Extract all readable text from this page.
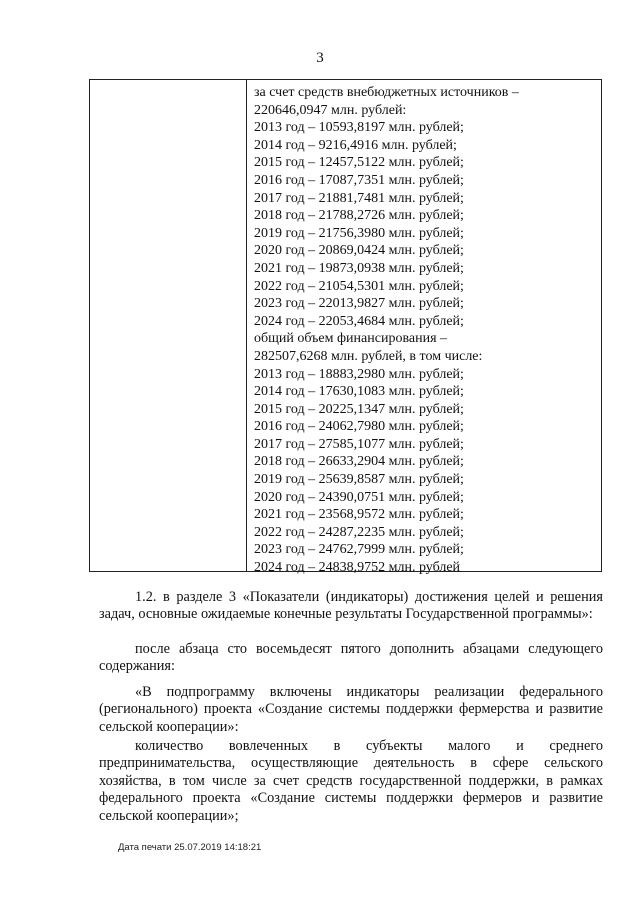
3
за счет средств внебюджетных источников –
220646,0947 млн. рублей:
2013 год – 10593,8197 млн. рублей;
2014 год – 9216,4916 млн. рублей;
2015 год – 12457,5122 млн. рублей;
2016 год – 17087,7351 млн. рублей;
2017 год – 21881,7481 млн. рублей;
2018 год – 21788,2726 млн. рублей;
2019 год – 21756,3980 млн. рублей;
2020 год – 20869,0424 млн. рублей;
2021 год – 19873,0938 млн. рублей;
2022 год – 21054,5301 млн. рублей;
2023 год – 22013,9827 млн. рублей;
2024 год – 22053,4684 млн. рублей;
общий объем финансирования –
282507,6268 млн. рублей, в том числе:
2013 год – 18883,2980 млн. рублей;
2014 год – 17630,1083 млн. рублей;
2015 год – 20225,1347 млн. рублей;
2016 год – 24062,7980 млн. рублей;
2017 год – 27585,1077 млн. рублей;
2018 год – 26633,2904 млн. рублей;
2019 год – 25639,8587 млн. рублей;
2020 год – 24390,0751 млн. рублей;
2021 год – 23568,9572 млн. рублей;
2022 год – 24287,2235 млн. рублей;
2023 год – 24762,7999 млн. рублей;
2024 год – 24838,9752 млн. рублей

1.2. в разделе 3 «Показатели (индикаторы) достижения целей и решения задач, основные ожидаемые конечные результаты Государственной программы»:

после абзаца сто восемьдесят пятого дополнить абзацами следующего содержания:

«В подпрограмму включены индикаторы реализации федерального (регионального) проекта «Создание системы поддержки фермерства и развитие сельской кооперации»:

количество вовлеченных в субъекты малого и среднего предпринимательства, осуществляющие деятельность в сфере сельского хозяйства, в том числе за счет средств государственной поддержки, в рамках федерального проекта «Создание системы поддержки фермеров и развитие сельской кооперации»;

Дата печати 25.07.2019 14:18:21
